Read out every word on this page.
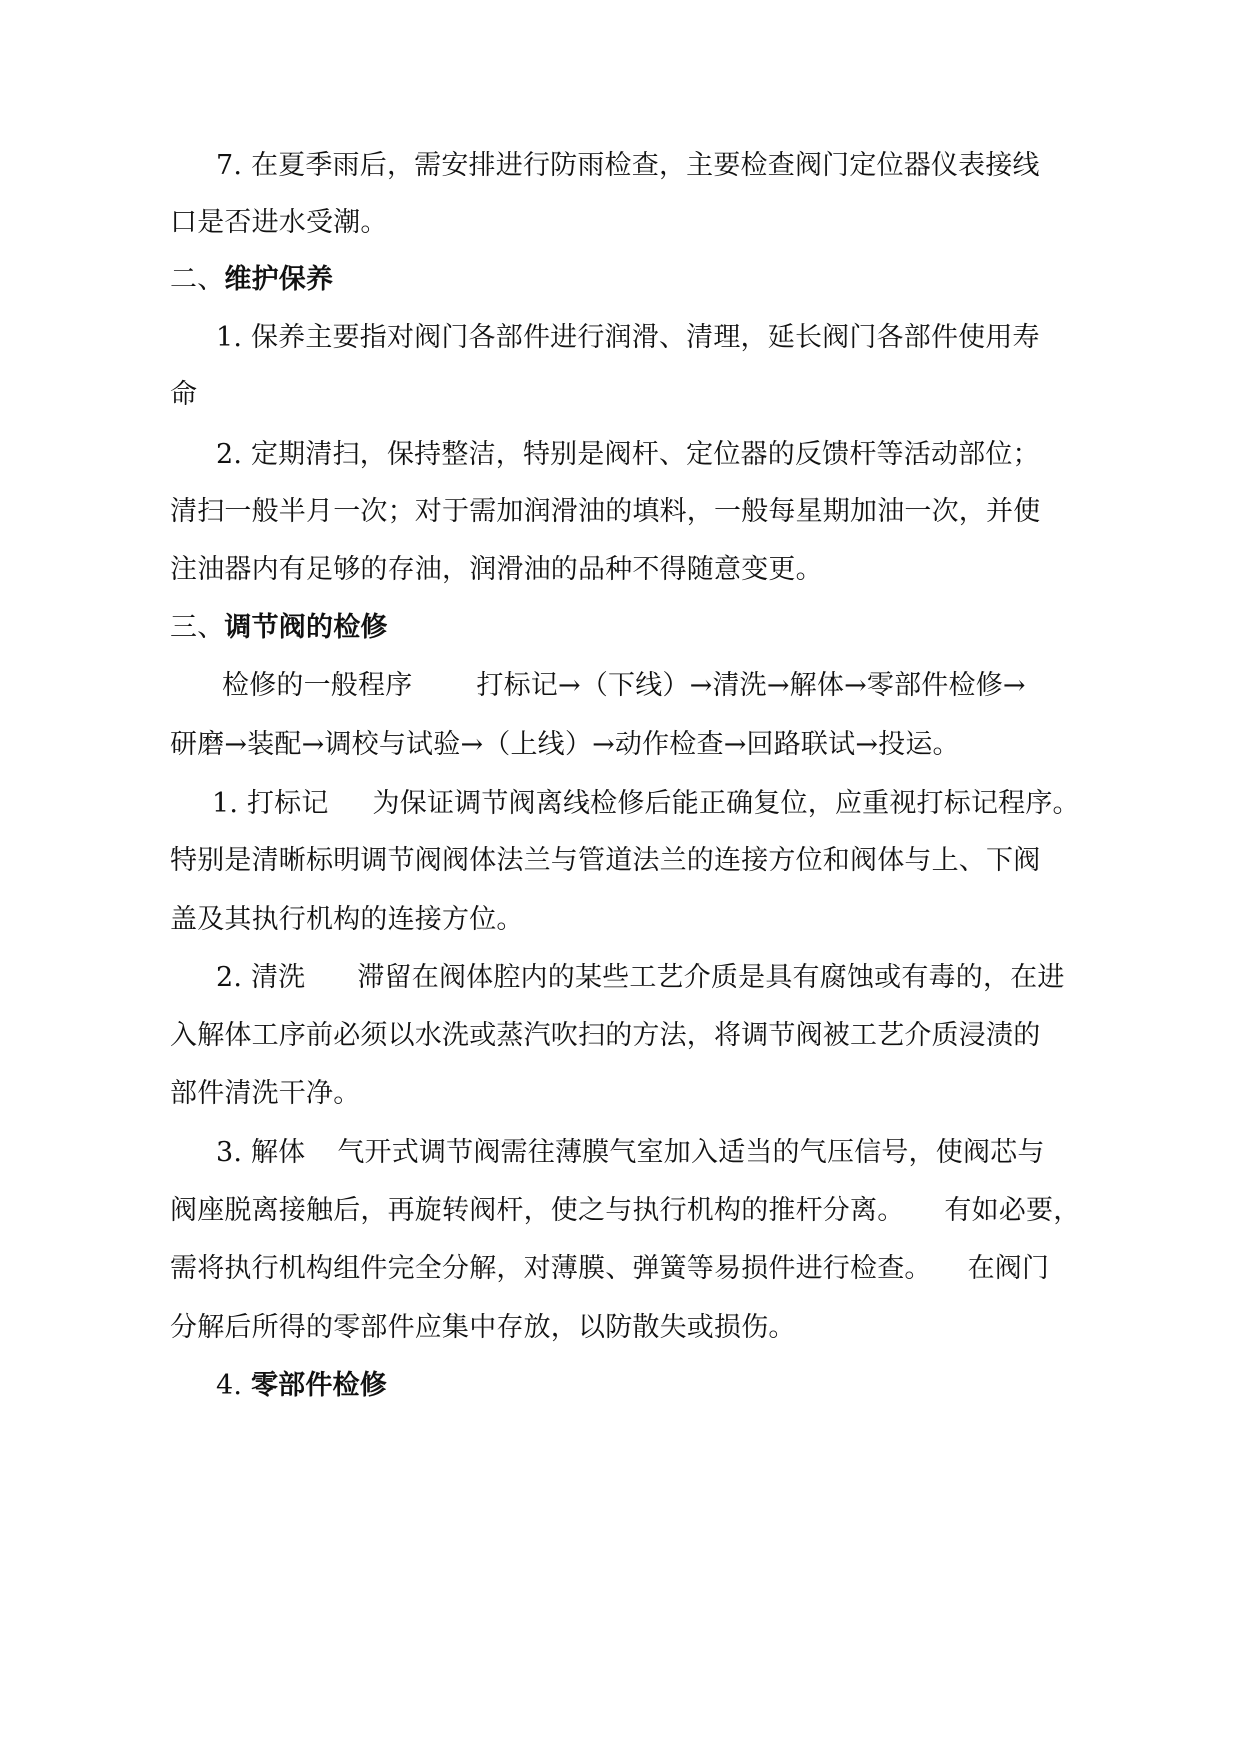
7. 在夏季雨后，需安排进行防雨检查，主要检查阀门定位器仪表接线
口是否进水受潮。
二、维护保养
1. 保养主要指对阀门各部件进行润滑、清理，延长阀门各部件使用寿
命
2. 定期清扫，保持整洁，特别是阀杆、定位器的反馈杆等活动部位；
清扫一般半月一次；对于需加润滑油的填料，一般每星期加油一次，并使
注油器内有足够的存油，润滑油的品种不得随意变更。
三、调节阀的检修
检修的一般程序 打标记→（下线）→清洗→解体→零部件检修→
研磨→装配→调校与试验→（上线）→动作检查→回路联试→投运。
1. 打标记 为保证调节阀离线检修后能正确复位，应重视打标记程序。
特别是清晰标明调节阀阀体法兰与管道法兰的连接方位和阀体与上、下阀
盖及其执行机构的连接方位。
2. 清洗 滞留在阀体腔内的某些工艺介质是具有腐蚀或有毒的，在进
入解体工序前必须以水洗或蒸汽吹扫的方法，将调节阀被工艺介质浸渍的
部件清洗干净。
3. 解体 气开式调节阀需往薄膜气室加入适当的气压信号，使阀芯与
阀座脱离接触后，再旋转阀杆，使之与执行机构的推杆分离。 有如必要，
需将执行机构组件完全分解，对薄膜、弹簧等易损件进行检查。 在阀门
分解后所得的零部件应集中存放，以防散失或损伤。
4. 零部件检修
